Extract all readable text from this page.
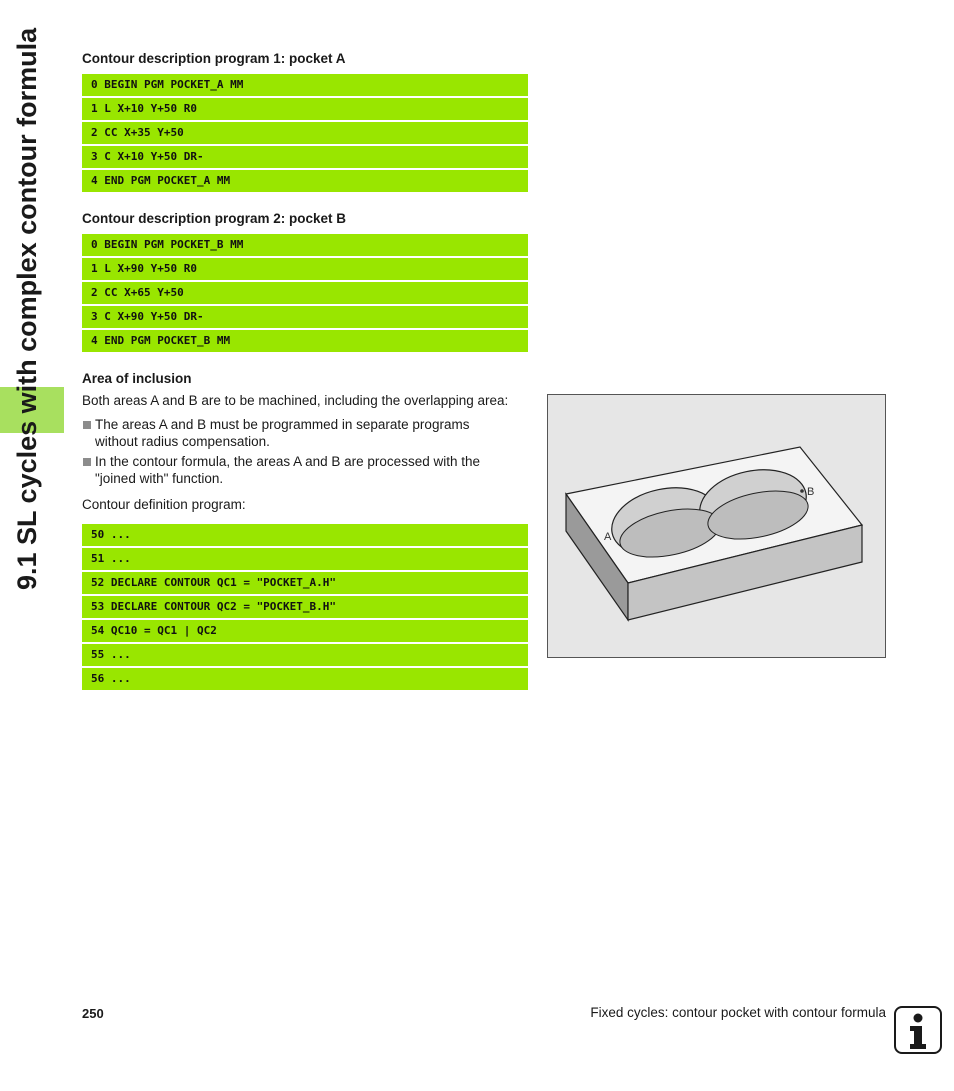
9.1 SL cycles with complex contour formula	Contour description program 1: pocket A
0 BEGIN PGM POCKET_A MM
1 L X+10 Y+50 R0
2 CC X+35 Y+50
3 C X+10 Y+50 DR-
4 END PGM POCKET_A MM
Contour description program 2: pocket B
0 BEGIN PGM POCKET_B MM
1 L X+90 Y+50 R0
2 CC X+65 Y+50
3 C X+90 Y+50 DR-
4 END PGM POCKET_B MM
Area of inclusion
Both areas A and B are to be machined, including the overlapping area:
The areas A and B must be programmed in separate programs
without radius compensation.
In the contour formula, the areas A and B are processed with the
"joined with" function.
Contour definition program:
50 ...
51 ...
52 DECLARE CONTOUR QC1 = "POCKET_A.H"
53 DECLARE CONTOUR QC2 = "POCKET_B.H"
54 QC10 = QC1 | QC2
55 ...
56 ...
A
B
250	Fixed cycles: contour pocket with contour formula
